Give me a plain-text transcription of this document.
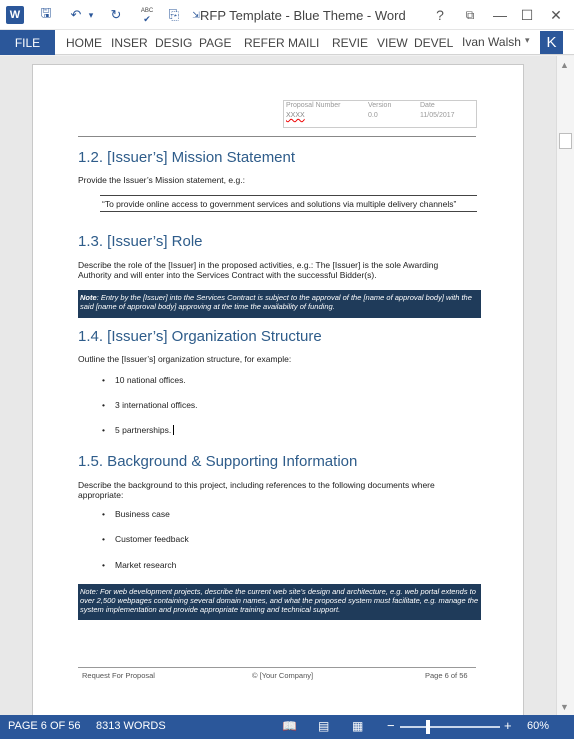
W	🖫	↶ ▾	↻	ABC
✔	⎘	⇲ RFP Template - Blue Theme - Word	?	⧉	— ☐	✕
FILE	HOME INSER DESIG PAGE REFER MAILI REVIE VIEW DEVEL Ivan Walsh ▾	K
Proposal Number	Version	Date
XXXX	0.0	11/05/2017
1.2. [Issuer’s] Mission Statement
Provide the Issuer’s Mission statement, e.g.:
“To provide online access to government services and solutions via multiple delivery channels”
1.3. [Issuer’s] Role
Describe the role of the [Issuer] in the proposed activities, e.g.: The [Issuer] is the sole Awarding Authority and will enter into the Services Contract with the successful Bidder(s).
Note: Entry by the [Issuer] into the Services Contract is subject to the approval of the [name of approval body] with the said [name of approval body] approving at the time the availability of funding.
1.4. [Issuer’s] Organization Structure
Outline the [Issuer’s] organization structure, for example:
• 10 national offices.
• 3 international offices.
• 5 partnerships.
1.5. Background & Supporting Information
Describe the background to this project, including references to the following documents where appropriate:
• Business case
• Customer feedback
• Market research
Note: For web development projects, describe the current web site’s design and architecture, e.g. web portal extends to over 2,500 webpages containing several domain names, and what the proposed system must facilitate, e.g. manage the system implementation and provide appropriate training and technical support.
Request For Proposal	© [Your Company]	Page 6 of 56
▲
▼
PAGE 6 OF 56 8313 WORDS	📖 ▤ ▦ −	+ 60%
